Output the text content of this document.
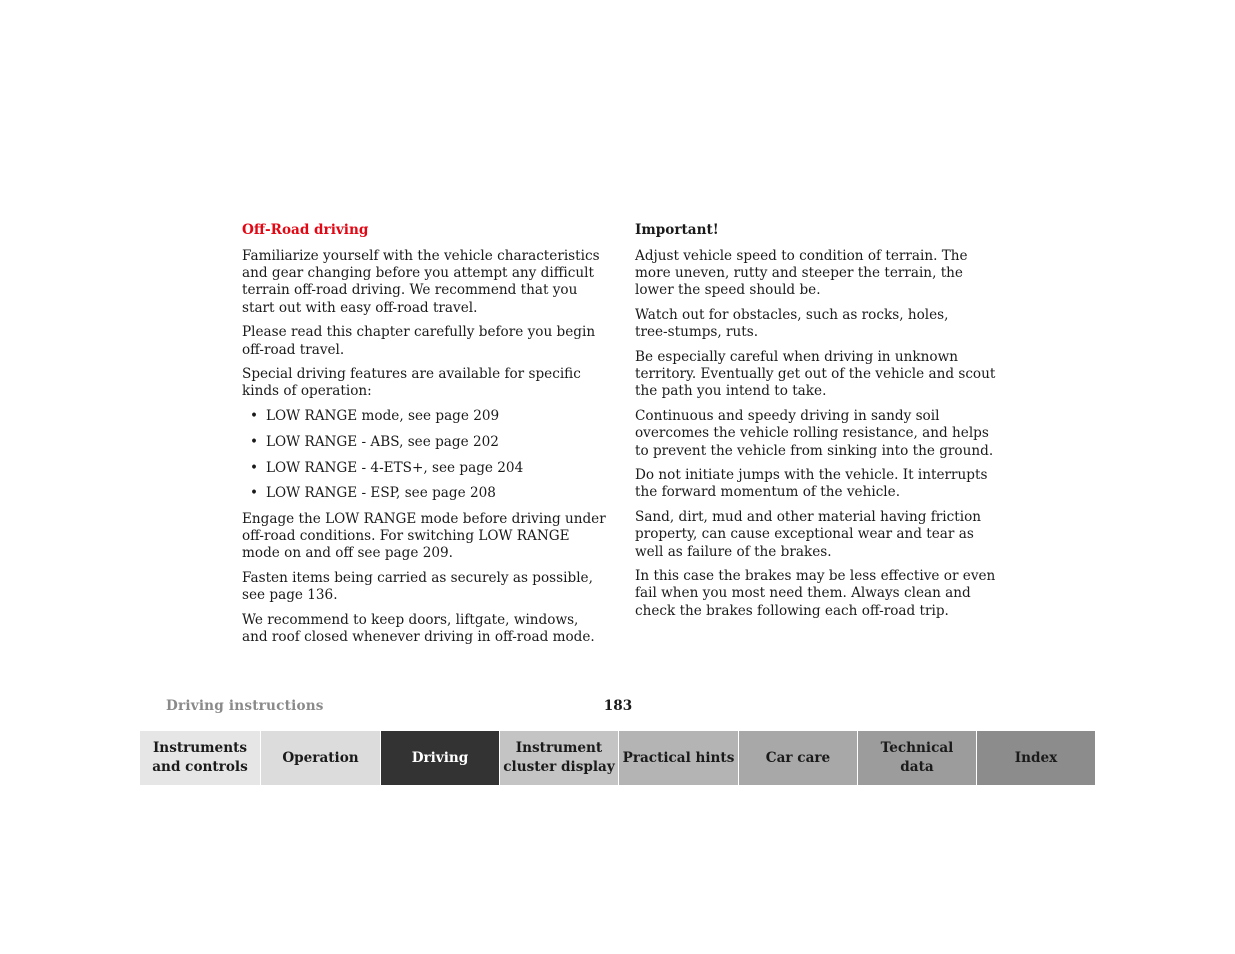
Off-Road driving

Familiarize yourself with the vehicle characteristics and gear changing before you attempt any difficult terrain off-road driving. We recommend that you start out with easy off-road travel.

Please read this chapter carefully before you begin
off-road travel.

Special driving features are available for specific kinds of operation:

• LOW RANGE mode, see page 209
• LOW RANGE - ABS, see page 202
• LOW RANGE - 4-ETS+, see page 204
• LOW RANGE - ESP, see page 208

Engage the LOW RANGE mode before driving under off-road conditions. For switching LOW RANGE mode on and off see page 209.

Fasten items being carried as securely as possible, see page 136.

We recommend to keep doors, liftgate, windows, and roof closed whenever driving in off-road mode.

Important!

Adjust vehicle speed to condition of terrain. The more uneven, rutty and steeper the terrain, the lower the speed should be.

Watch out for obstacles, such as rocks, holes,
tree-stumps, ruts.

Be especially careful when driving in unknown territory. Eventually get out of the vehicle and scout the path you intend to take.

Continuous and speedy driving in sandy soil overcomes the vehicle rolling resistance, and helps to prevent the vehicle from sinking into the ground.

Do not initiate jumps with the vehicle. It interrupts the forward momentum of the vehicle.

Sand, dirt, mud and other material having friction property, can cause exceptional wear and tear as well as failure of the brakes.

In this case the brakes may be less effective or even fail when you most need them. Always clean and check the brakes following each off-road trip.

Driving instructions	183
Instruments
and controls
Operation	Driving
Instrument
cluster display
Practical hints	Car care
Technical
data
Index
